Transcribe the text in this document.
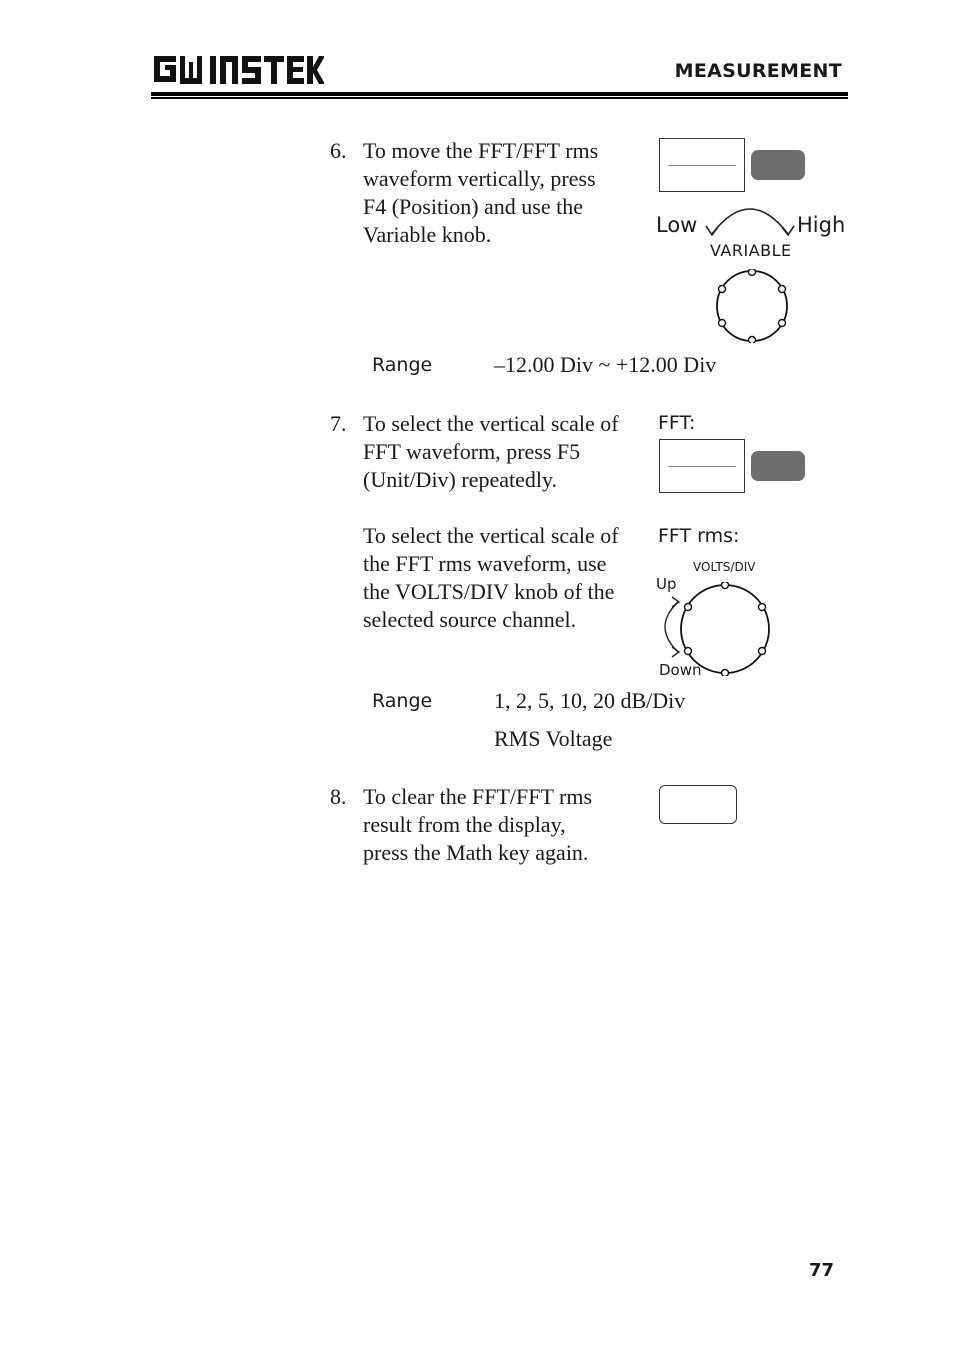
MEASUREMENT
6. To move the FFT/FFT rms
waveform vertically, press
F4 (Position) and use the
Variable knob.	Low	High
VARIABLE
Range	–12.00 Div ~ +12.00 Div
7. To select the vertical scale of
FFT waveform, press F5
(Unit/Div) repeatedly.
FFT:
To select the vertical scale of
the FFT rms waveform, use
the VOLTS/DIV knob of the
selected source channel.
FFT rms:
VOLTS/DIV
Up
Down
Range	1, 2, 5, 10, 20 dB/Div
RMS Voltage
8. To clear the FFT/FFT rms
result from the display,
press the Math key again.
77
